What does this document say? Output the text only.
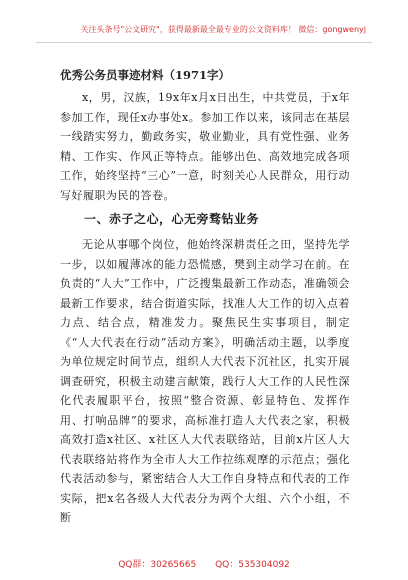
关注头条号"公文研究"，获得最新最全最专业的公文资料库！ 微信：gongwenyj
优秀公务员事迹材料（1971字）

x，男，汉族，19x年x月x日出生，中共党员，于x年参加工作，现任x办事处x。参加工作以来，该同志在基层一线踏实努力，勤政务实，敬业勤业，具有党性强、业务精、工作实、作风正等特点。能够出色、高效地完成各项工作，始终坚持“三心”一意，时刻关心人民群众，用行动写好履职为民的答卷。

一、赤子之心，心无旁骛钻业务

无论从事哪个岗位，他始终深耕责任之田，坚持先学一步，以如履薄冰的能力恐慌感，樊到主动学习在前。在负责的“人大”工作中，广泛搜集最新工作动态，准确领会最新工作要求，结合街道实际，找准人大工作的切入点着力点、结合点，精准发力。聚焦民生实事项目，制定《“人大代表在行动”活动方案》，明确活动主题，以季度为单位规定时间节点，组织人大代表下沉社区，扎实开展调查研究，积极主动建言献策，践行人大工作的人民性深化代表履职平台，按照“整合资源、彰显特色、发挥作用、打响品牌”的要求，高标准打造人大代表之家，积极高效打造x社区、x社区人大代表联络站，目前x片区人大代表联络站将作为全市人大工作拉练观摩的示范点；强化代表活动参与，紧密结合人大工作自身特点和代表的工作实际，把x名各级人大代表分为两个大组、六个小组，不断

QQ群：30265665 QQ：535304092
